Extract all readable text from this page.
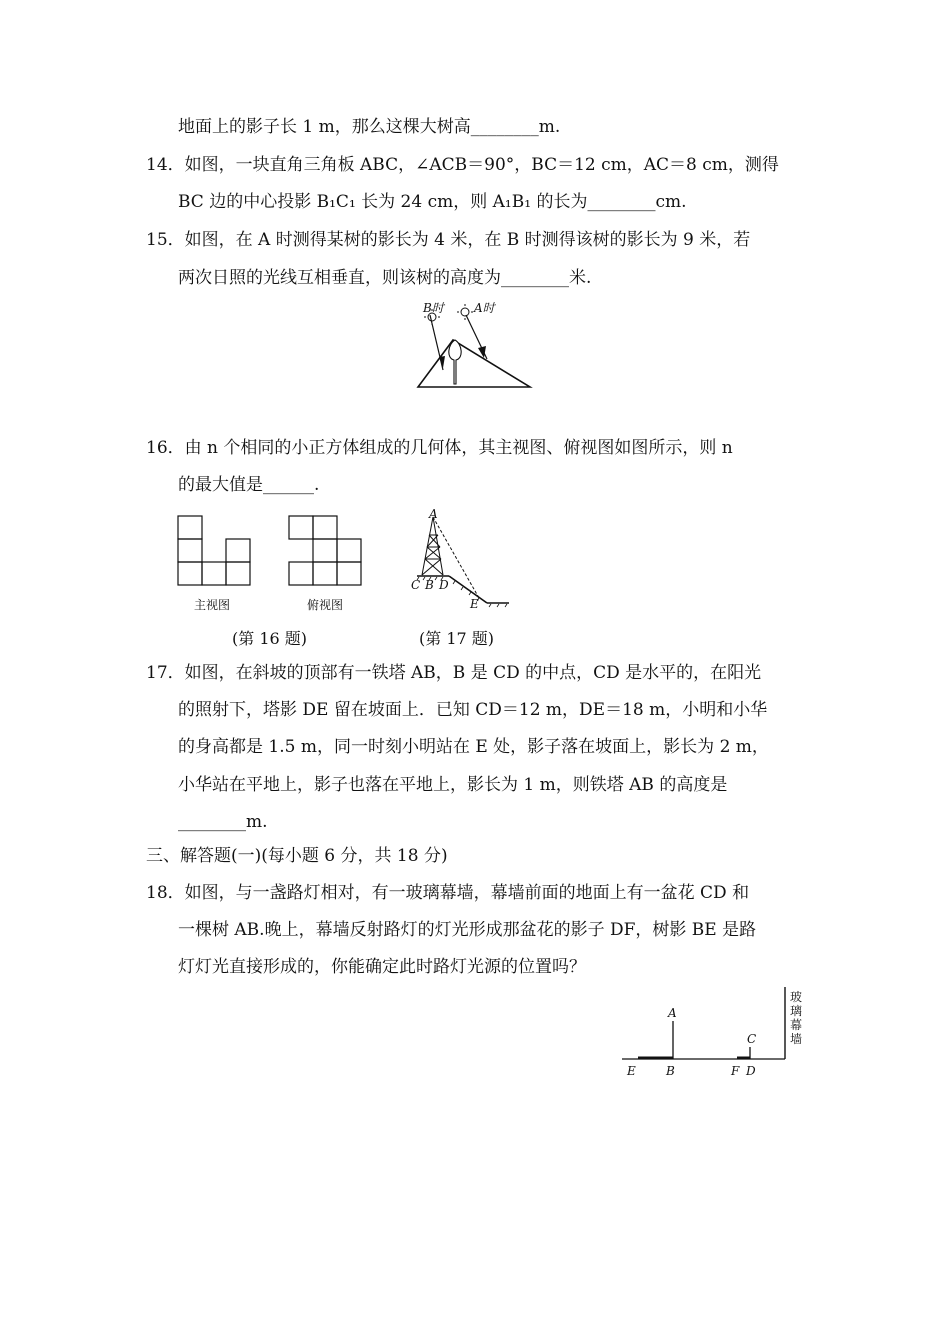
地面上的影子长 1 m，那么这棵大树高________m.
14．如图，一块直角三角板 ABC，∠ACB＝90°，BC＝12 cm，AC＝8 cm，测得
BC 边的中心投影 B₁C₁ 长为 24 cm，则 A₁B₁ 的长为________cm.
15．如图，在 A 时测得某树的影长为 4 米，在 B 时测得该树的影长为 9 米，若
两次日照的光线互相垂直，则该树的高度为________米.
B时	A时
16．由 n 个相同的小正方体组成的几何体，其主视图、俯视图如图所示，则 n
的最大值是______.
主视图	俯视图
A
C B D
E
(第 16 题)	(第 17 题)
17．如图，在斜坡的顶部有一铁塔 AB，B 是 CD 的中点，CD 是水平的，在阳光
的照射下，塔影 DE 留在坡面上．已知 CD＝12 m，DE＝18 m，小明和小华
的身高都是 1.5 m，同一时刻小明站在 E 处，影子落在坡面上，影长为 2 m，
小华站在平地上，影子也落在平地上，影长为 1 m，则铁塔 AB 的高度是
________m.
三、解答题(一)(每小题 6 分，共 18 分)
18．如图，与一盏路灯相对，有一玻璃幕墙，幕墙前面的地面上有一盆花 CD 和
一棵树 AB.晚上，幕墙反射路灯的灯光形成那盆花的影子 DF，树影 BE 是路
灯灯光直接形成的，你能确定此时路灯光源的位置吗？
A
C
E	B	F D
玻璃幕墙
